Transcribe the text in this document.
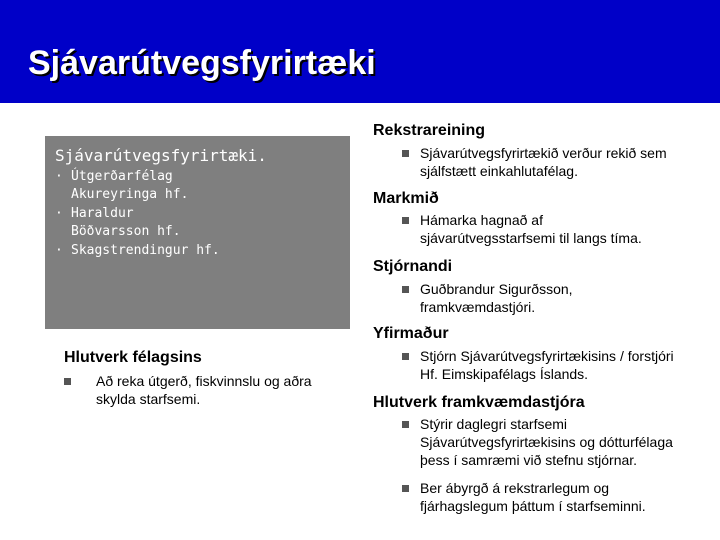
Sjávarútvegsfyrirtæki
Sjávarútvegsfyrirtæki.
· Útgerðarfélag
Akureyringa hf.
· Haraldur
Böðvarsson hf.
· Skagstrendingur hf.
Hlutverk félagsins
Að reka útgerð, fiskvinnslu og aðra
skylda starfsemi.
Rekstrareining
Sjávarútvegsfyrirtækið verður rekið sem
sjálfstætt einkahlutafélag.
Markmið
Hámarka hagnað af
sjávarútvegsstarfsemi til langs tíma.
Stjórnandi
Guðbrandur Sigurðsson,
framkvæmdastjóri.
Yfirmaður
Stjórn Sjávarútvegsfyrirtækisins / forstjóri
Hf. Eimskipafélags Íslands.
Hlutverk framkvæmdastjóra
Stýrir daglegri starfsemi
Sjávarútvegsfyrirtækisins og dótturfélaga
þess í samræmi við stefnu stjórnar.
Ber ábyrgð á rekstrarlegum og
fjárhagslegum þáttum í starfseminni.
